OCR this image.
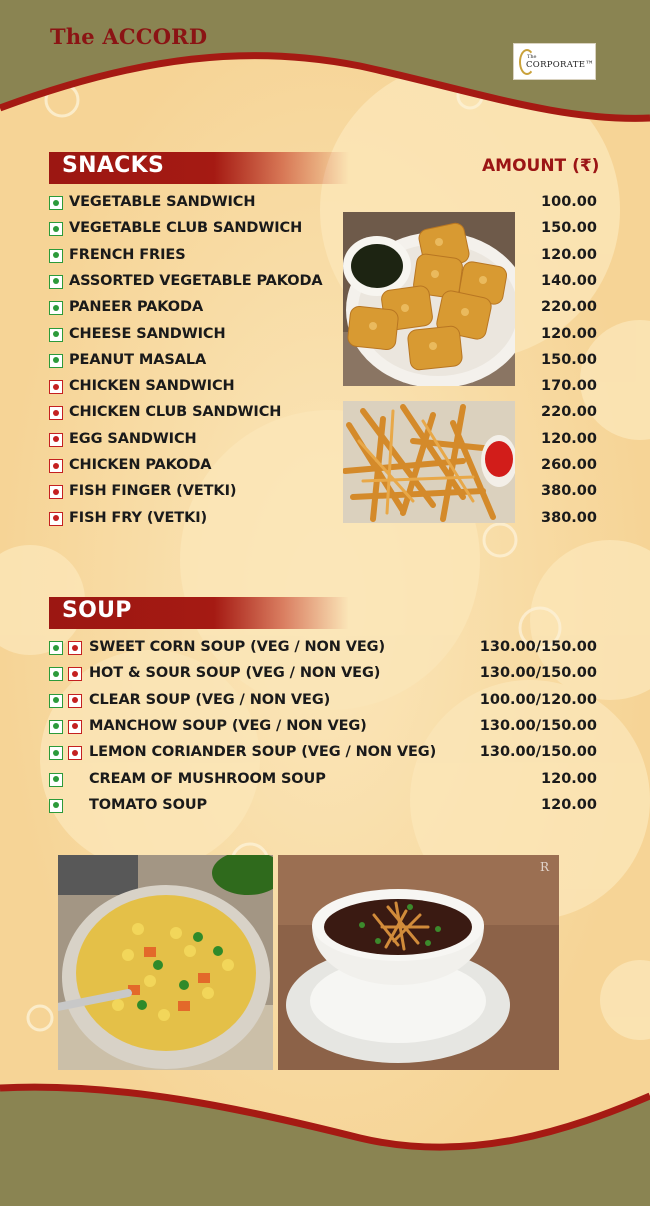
The ACCORD
The
CORPORATE™
SNACKS	AMOUNT (₹)
VEGETABLE SANDWICH	100.00
VEGETABLE CLUB SANDWICH	150.00
FRENCH FRIES	120.00
ASSORTED VEGETABLE PAKODA	140.00
PANEER PAKODA	220.00
CHEESE SANDWICH	120.00
PEANUT MASALA	150.00
CHICKEN SANDWICH	170.00
CHICKEN CLUB SANDWICH	220.00
EGG SANDWICH	120.00
CHICKEN PAKODA	260.00
FISH FINGER (VETKI)	380.00
FISH FRY (VETKI)	380.00
SOUP
SWEET CORN SOUP (VEG / NON VEG)	130.00/150.00
HOT & SOUR SOUP (VEG / NON VEG)	130.00/150.00
CLEAR SOUP (VEG / NON VEG)	100.00/120.00
MANCHOW SOUP (VEG / NON VEG)	130.00/150.00
LEMON CORIANDER SOUP (VEG / NON VEG)	130.00/150.00
CREAM OF MUSHROOM SOUP	120.00
TOMATO SOUP	120.00
R
